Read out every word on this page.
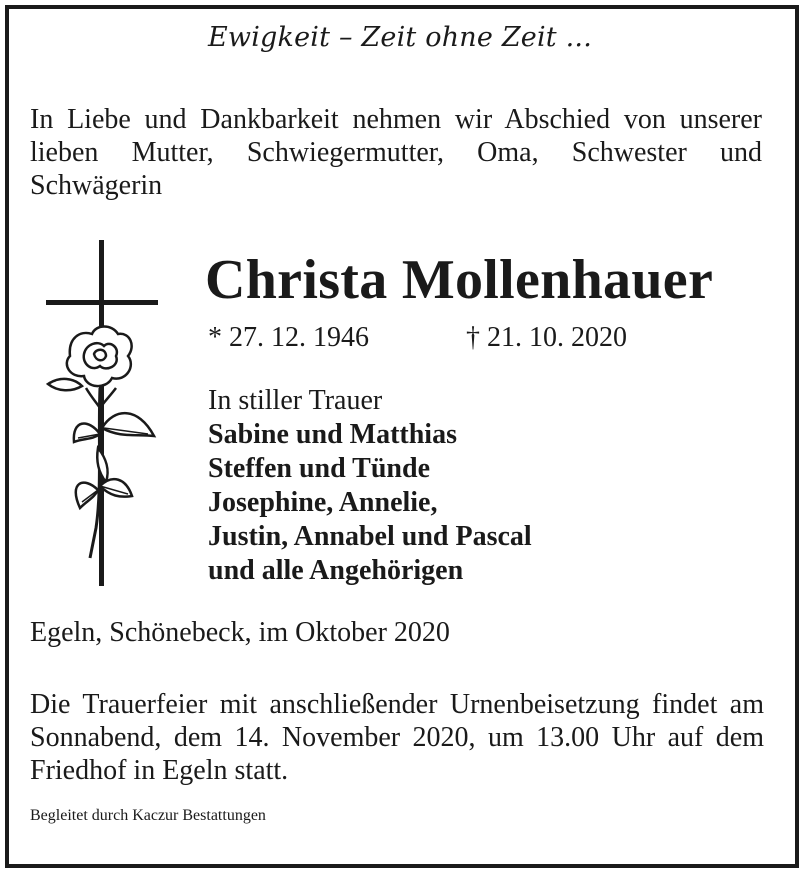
Ewigkeit – Zeit ohne Zeit ...
In Liebe und Dankbarkeit nehmen wir Abschied von unserer lieben Mutter, Schwiegermutter, Oma, Schwester und Schwägerin
Christa Mollenhauer
* 27. 12. 1946	† 21. 10. 2020
In stiller Trauer
Sabine und Matthias
Steffen und Tünde
Josephine, Annelie,
Justin, Annabel und Pascal
und alle Angehörigen
Egeln, Schönebeck, im Oktober 2020
Die Trauerfeier mit anschließender Urnenbeisetzung findet am Sonnabend, dem 14. November 2020, um 13.00 Uhr auf dem Friedhof in Egeln statt.
Begleitet durch Kaczur Bestattungen
